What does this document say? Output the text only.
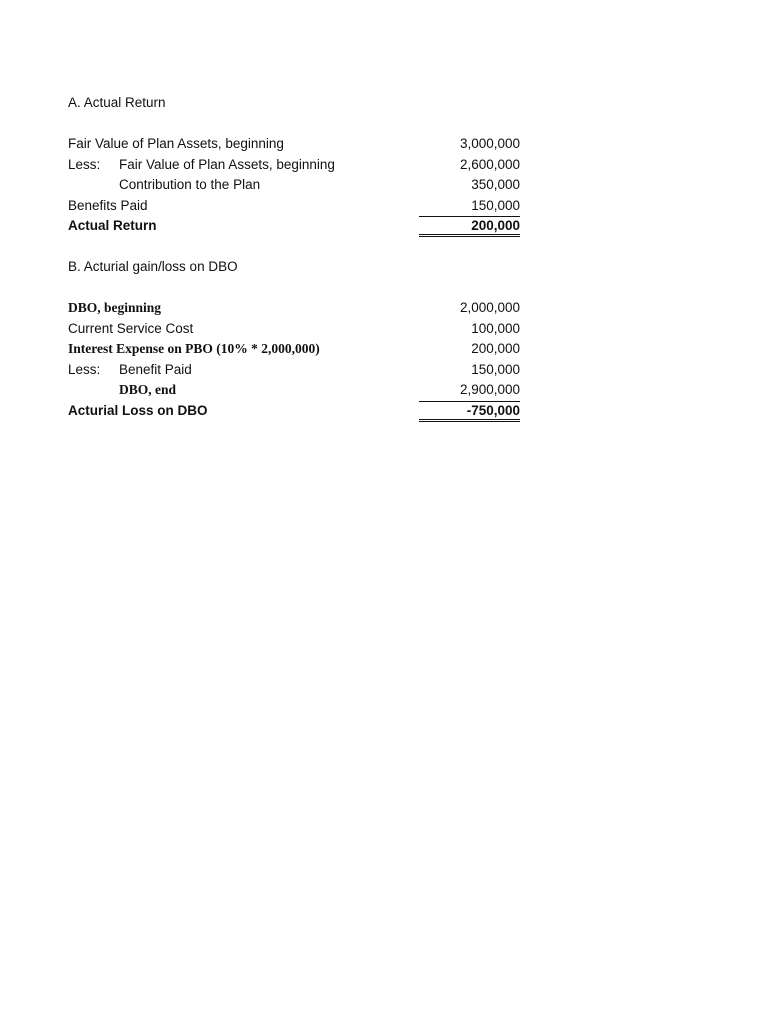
A. Actual Return
Fair Value of Plan Assets, beginning	3,000,000
Less: Fair Value of Plan Assets, beginning	2,600,000
Contribution to the Plan	350,000
Benefits Paid	150,000
Actual Return	200,000
B. Acturial gain/loss on DBO
DBO, beginning	2,000,000
Current Service Cost	100,000
Interest Expense on PBO (10% * 2,000,000)	200,000
Less: Benefit Paid	150,000
DBO, end	2,900,000
Acturial Loss on DBO	-750,000
